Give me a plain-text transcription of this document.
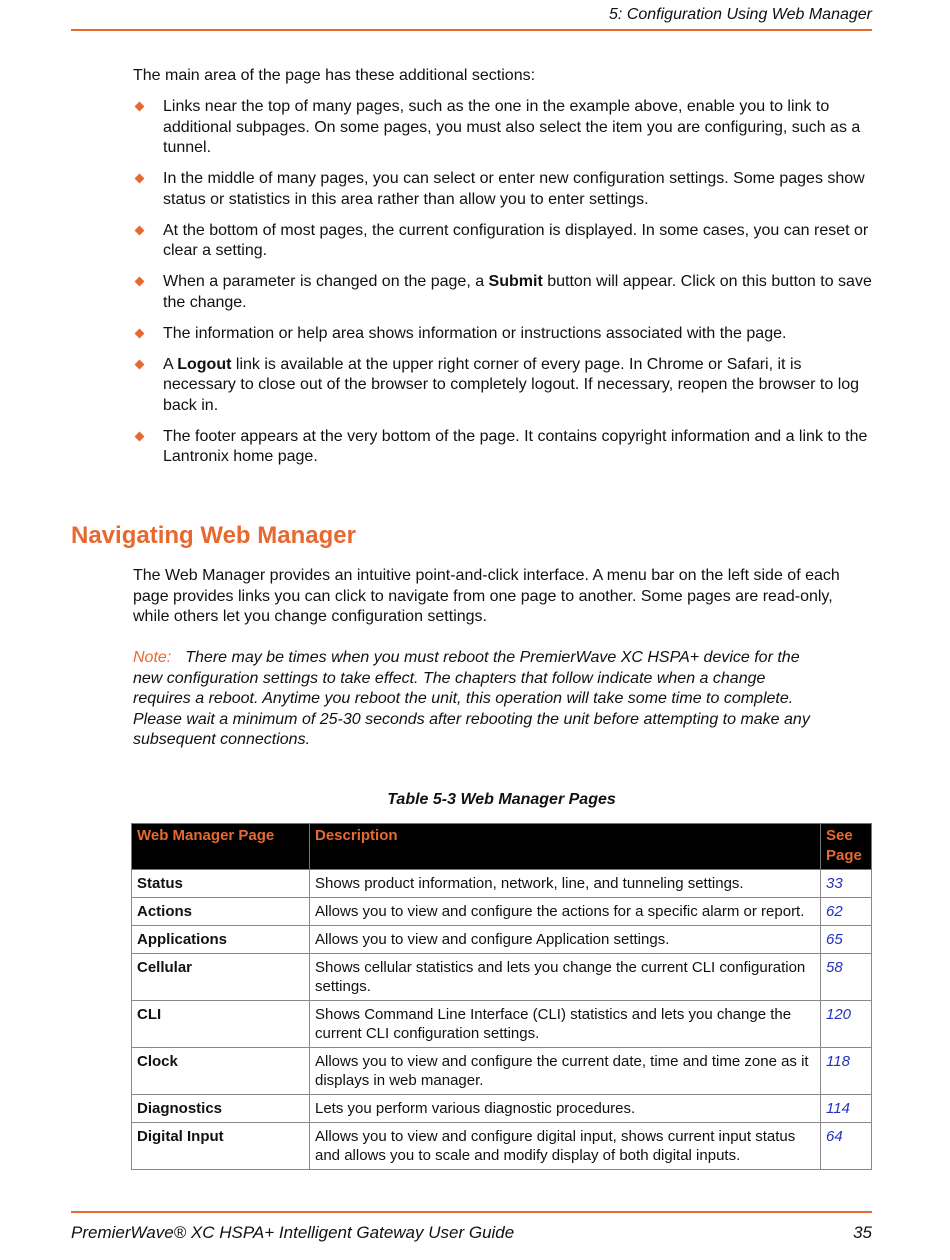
5: Configuration Using Web Manager
The main area of the page has these additional sections:
Links near the top of many pages, such as the one in the example above, enable you to link to additional subpages. On some pages, you must also select the item you are configuring, such as a tunnel.
In the middle of many pages, you can select or enter new configuration settings. Some pages show status or statistics in this area rather than allow you to enter settings.
At the bottom of most pages, the current configuration is displayed. In some cases, you can reset or clear a setting.
When a parameter is changed on the page, a Submit button will appear. Click on this button to save the change.
The information or help area shows information or instructions associated with the page.
A Logout link is available at the upper right corner of every page. In Chrome or Safari, it is necessary to close out of the browser to completely logout. If necessary, reopen the browser to log back in.
The footer appears at the very bottom of the page. It contains copyright information and a link to the Lantronix home page.
Navigating Web Manager
The Web Manager provides an intuitive point-and-click interface. A menu bar on the left side of each page provides links you can click to navigate from one page to another. Some pages are read-only, while others let you change configuration settings.
Note: There may be times when you must reboot the PremierWave XC HSPA+ device for the new configuration settings to take effect. The chapters that follow indicate when a change requires a reboot. Anytime you reboot the unit, this operation will take some time to complete. Please wait a minimum of 25-30 seconds after rebooting the unit before attempting to make any subsequent connections.
Table 5-3 Web Manager Pages
Web Manager Page	Description	See Page
Status	Shows product information, network, line, and tunneling settings.	33
Actions	Allows you to view and configure the actions for a specific alarm or report.	62
Applications	Allows you to view and configure Application settings.	65
Cellular	Shows cellular statistics and lets you change the current CLI configuration settings.	58
CLI	Shows Command Line Interface (CLI) statistics and lets you change the current CLI configuration settings.	120
Clock	Allows you to view and configure the current date, time and time zone as it displays in web manager.	118
Diagnostics	Lets you perform various diagnostic procedures.	114
Digital Input	Allows you to view and configure digital input, shows current input status and allows you to scale and modify display of both digital inputs.	64
PremierWave® XC HSPA+ Intelligent Gateway User Guide	35
